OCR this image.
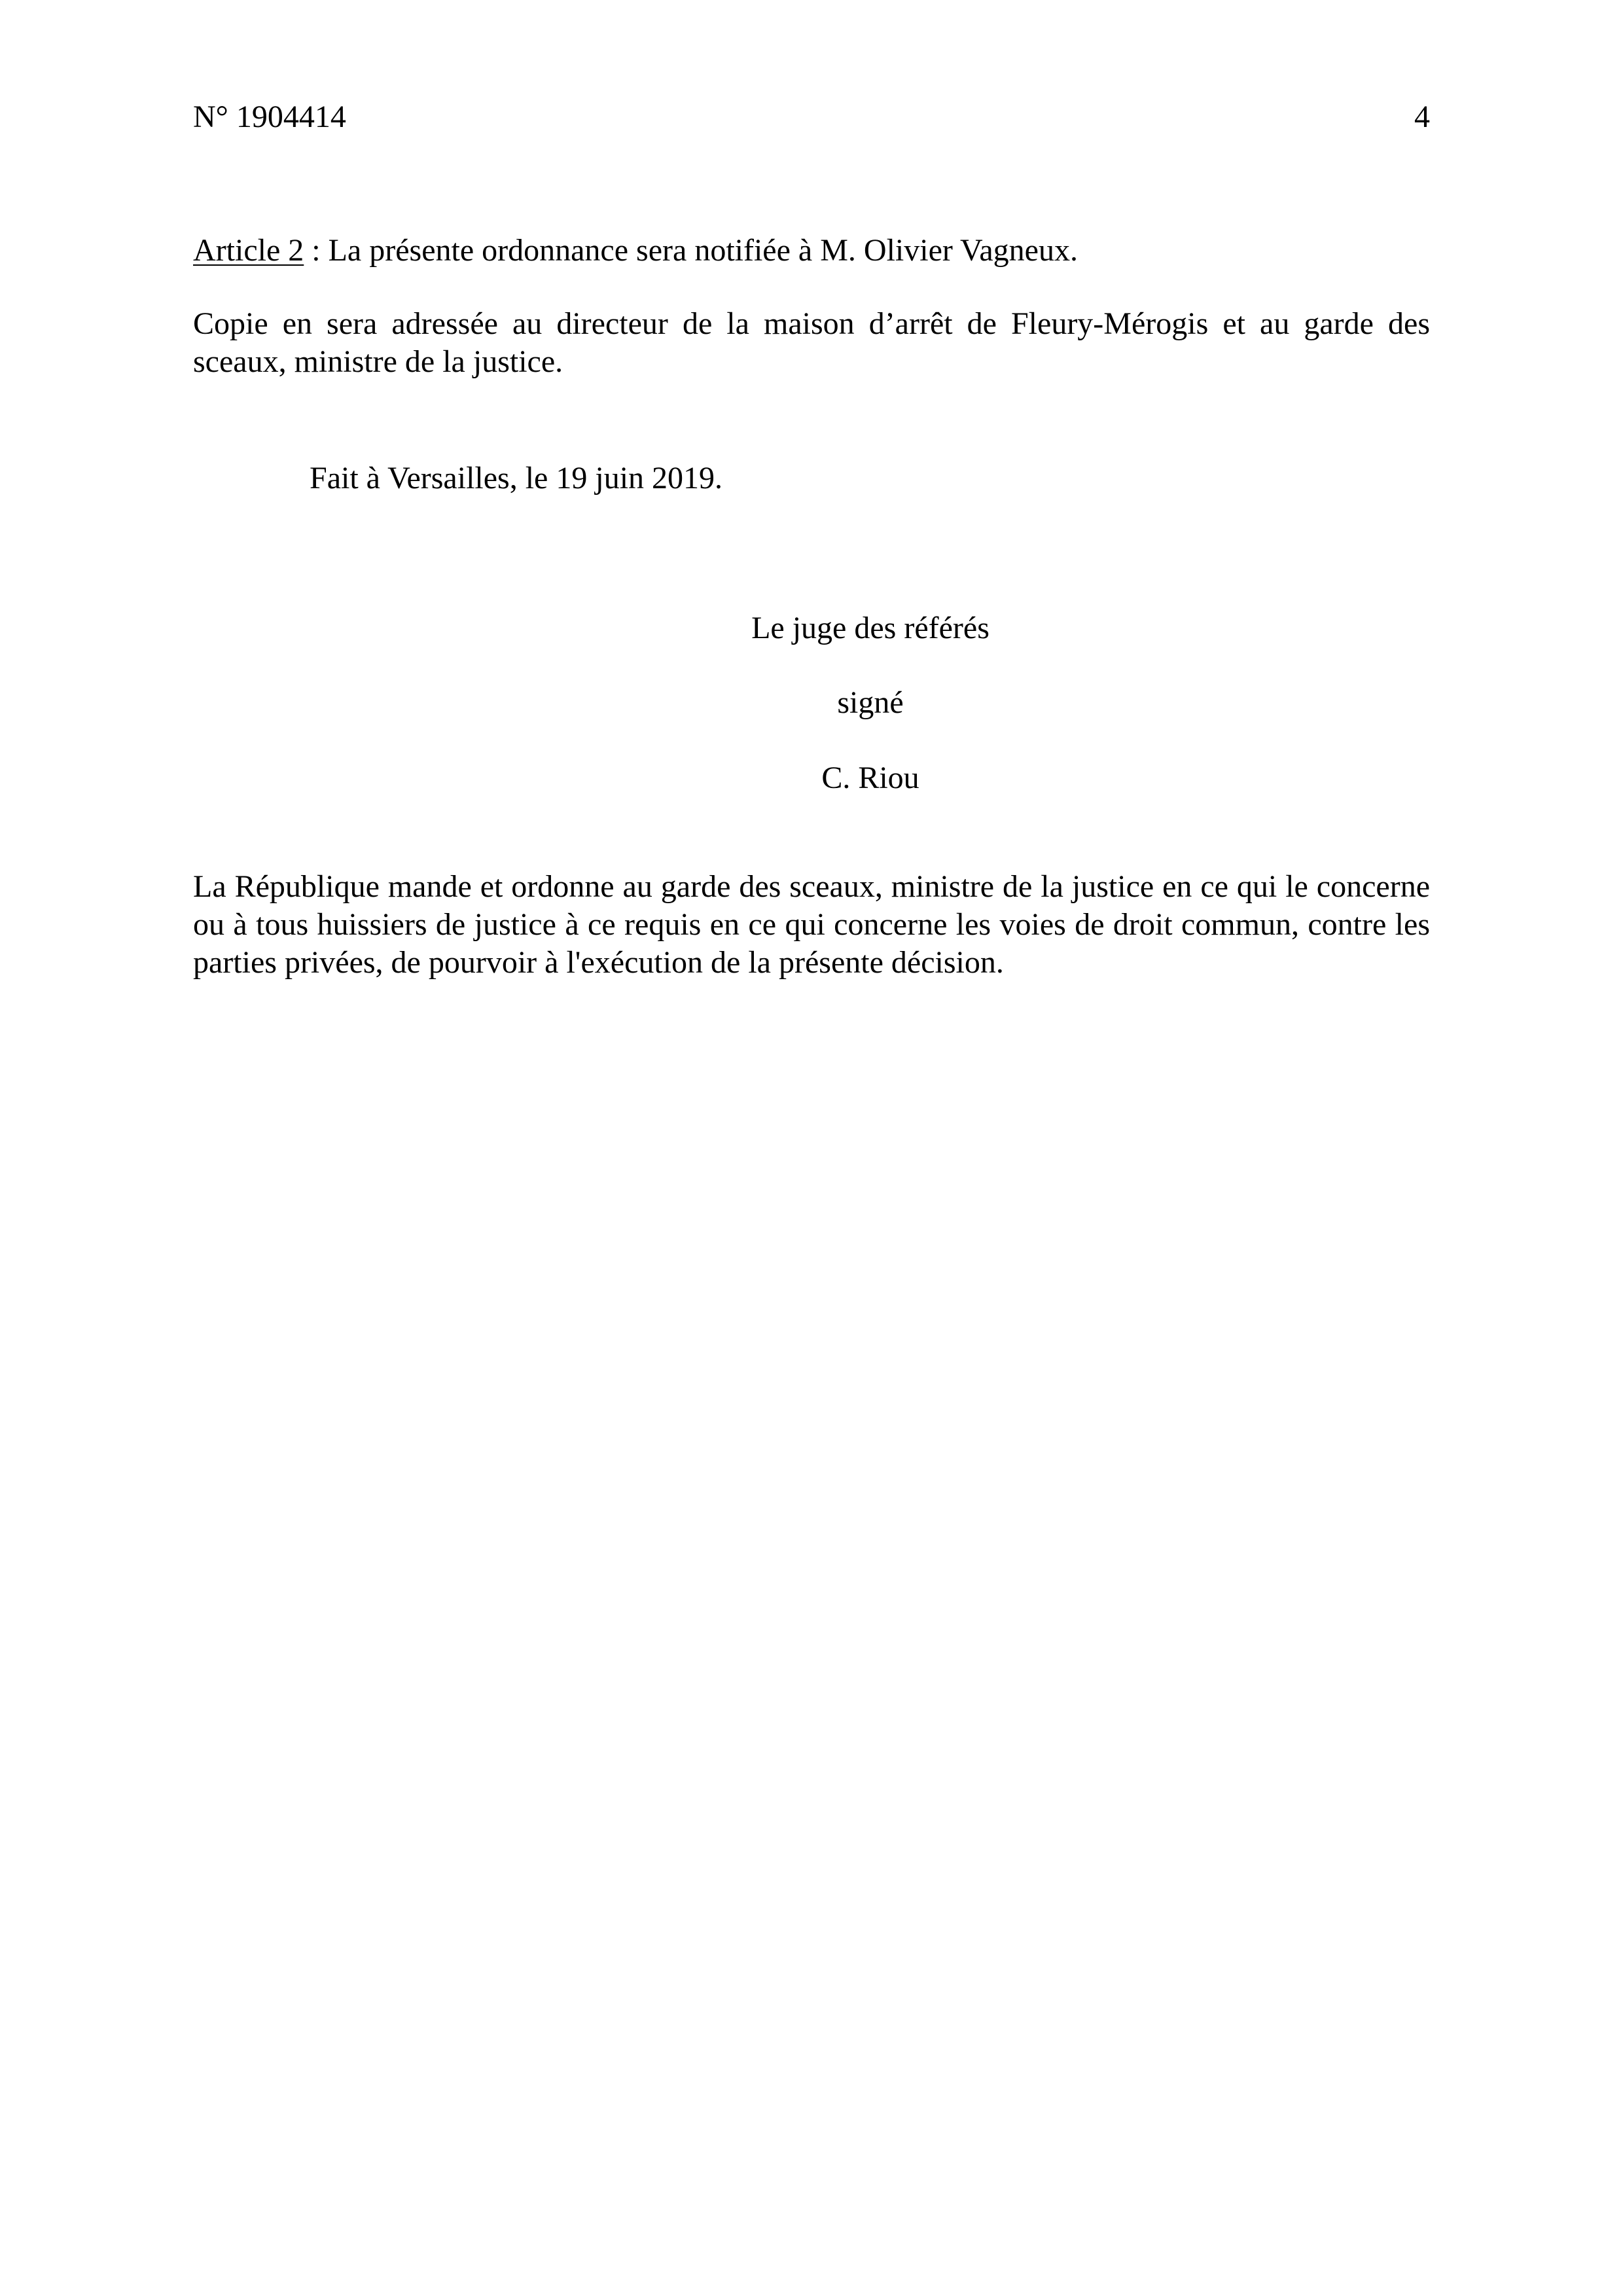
N° 1904414	4
Article 2 : La présente ordonnance sera notifiée à M. Olivier Vagneux.
Copie en sera adressée au directeur de la maison d’arrêt de Fleury-Mérogis et au garde des sceaux, ministre de la justice.
Fait à Versailles, le 19 juin 2019.
Le juge des référés
signé
C. Riou
La République mande et ordonne au garde des sceaux, ministre de la justice en ce qui le concerne ou à tous huissiers de justice à ce requis en ce qui concerne les voies de droit commun, contre les parties privées, de pourvoir à l'exécution de la présente décision.
